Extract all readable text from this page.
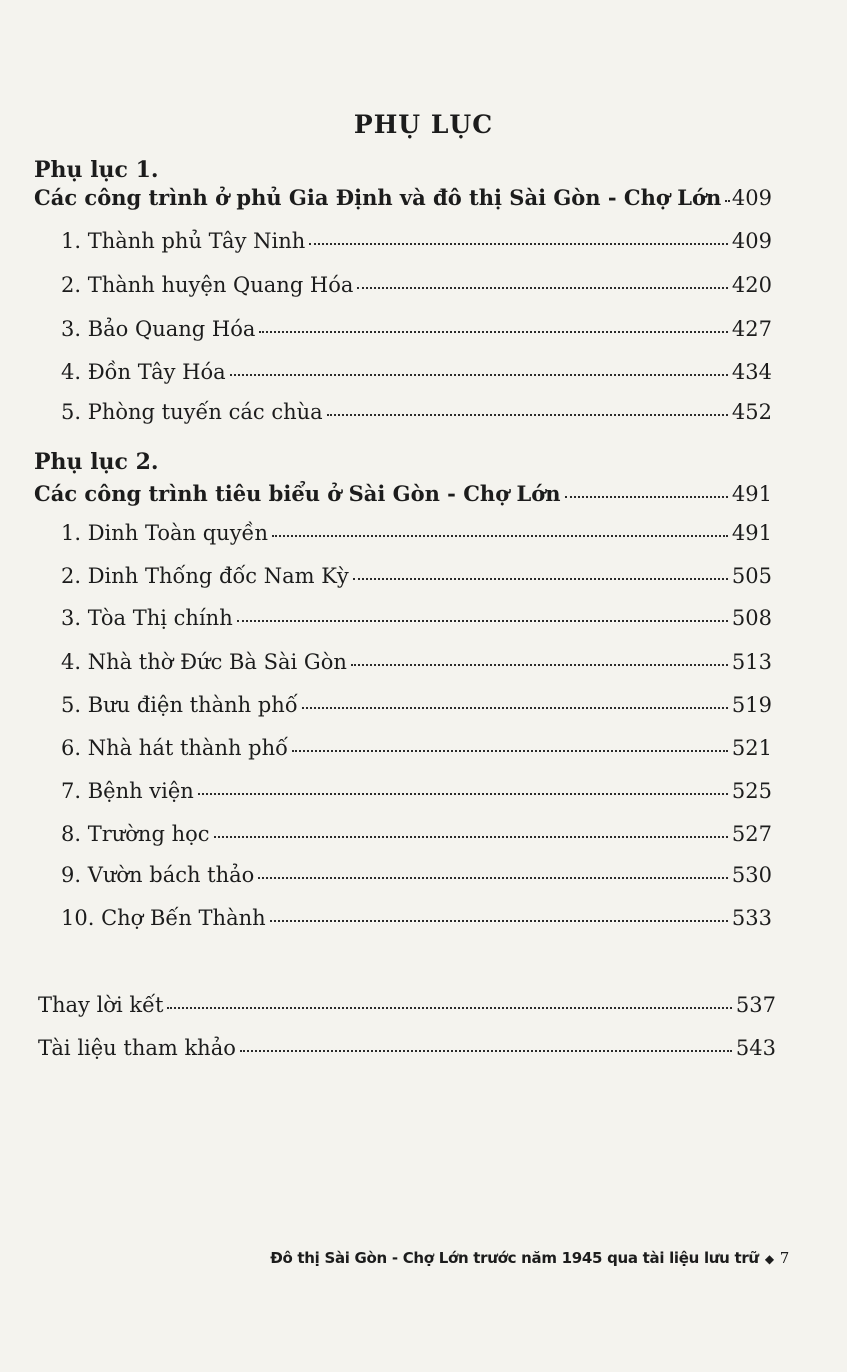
PHỤ LỤC
Phụ lục 1.
Các công trình ở phủ Gia Định và đô thị Sài Gòn - Chợ Lớn 409
1. Thành phủ Tây Ninh	409
2. Thành huyện Quang Hóa	420
3. Bảo Quang Hóa	427
4. Đồn Tây Hóa	434
5. Phòng tuyến các chùa	452
Phụ lục 2.
Các công trình tiêu biểu ở Sài Gòn - Chợ Lớn	491
1. Dinh Toàn quyền	491
2. Dinh Thống đốc Nam Kỳ	505
3. Tòa Thị chính	508
4. Nhà thờ Đức Bà Sài Gòn	513
5. Bưu điện thành phố	519
6. Nhà hát thành phố	521
7. Bệnh viện	525
8. Trường học	527
9. Vườn bách thảo	530
10. Chợ Bến Thành	533
Thay lời kết	537
Tài liệu tham khảo	543
Đô thị Sài Gòn - Chợ Lớn trước năm 1945 qua tài liệu lưu trữ ◆ 7
